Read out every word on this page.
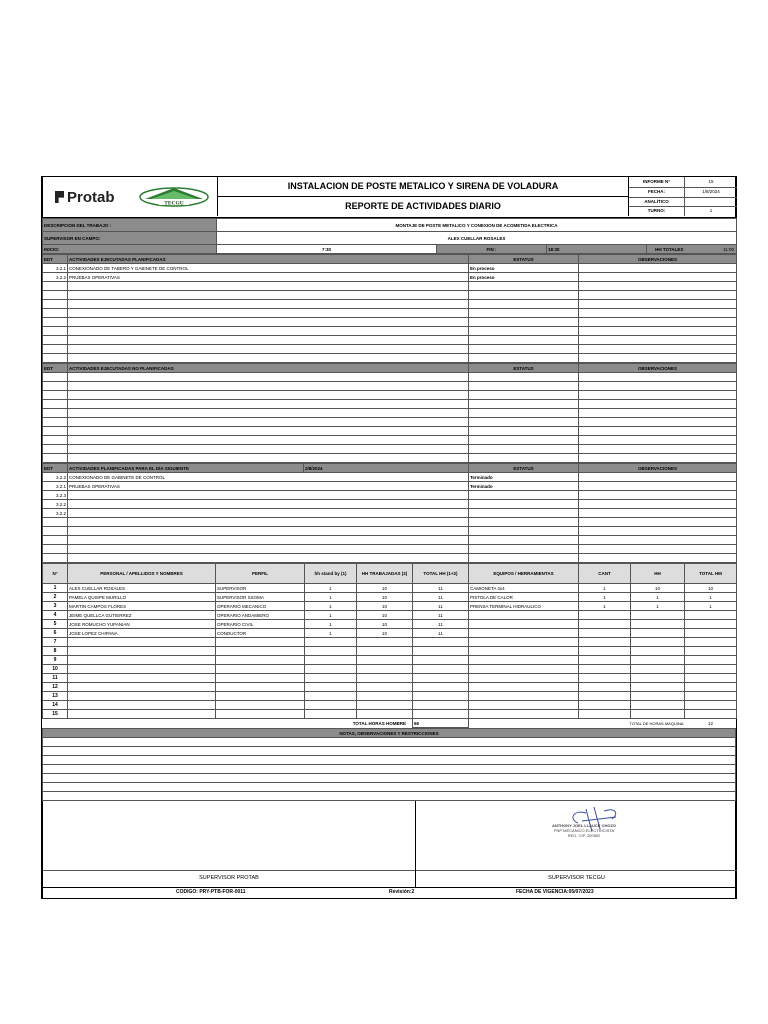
Protab	TECGU
INSTALACION DE POSTE METALICO Y SIRENA DE VOLADURA
REPORTE DE ACTIVIDADES DIARIO
INFORME N°	15
FECHA:	1/8/2024
ANALÍTICO
TURNO:	1
DESCRIPCION DEL TRABAJO :	MONTAJE DE POSTE METALICO Y CONEXION DE ACOMETIDA ELECTRICA			
SUPERVISOR EN CAMPO:	ALEX CUELLAR ROSALES			
INICIO:	7:30	FIN :	18:30	HH TOTALES 11:00
EDT	ACTIVIDADES EJECUTADAS PLANIFICADAS	ESTATUS	OBSERVACIONES
3.2.1	CONEXIONADO DE TABERO Y GABINETE DE CONTROL	En proceso	
3.2.2	PRUEBAS OPERATIVAS	En proceso	

EDT	ACTIVIDADES EJECUTADAS NO PLANIFICADAS	ESTATUS	OBSERVACIONES

EDT	ACTIVIDADES PLANIFICADAS PARA EL DÍA SIGUIENTE	2/8/2024	ESTATUS	OBSERVACIONES
3.2.2	CONEXIONADO DE GABINETE DE CONTROL		Terminado	
3.2.1	PRUEBAS OPERATIVAS		Terminado	
3.2.3				
3.2.2				
3.2.2				

N°	PERSONAL / APELLIDOS Y NOMBRES	PERFIL	hh stand by (1)	HH TRABAJADAS (2)	TOTAL HH (1+2)	EQUIPOS / HERRAMIENTAS	CANT	HH	TOTAL HM
1	ALEX CUELLAR ROSALES	SUPERVISOR	1	10	11	CAMIONETA 4x4	1	10	10
2	PAMELA QUISPE MURILLO	SUPERVISOR SSOMA	1	10	11	PISTOLA DE CALOR	1	1	1
3	MARTIN CAMPOS FLORES	OPERARIO MECANICO	1	10	11	PRENSA TERMINAL HIDRAULICO	1	1	1
4	JEIME QUELLCA GUTIERREZ	OPERARIO ANDAMIERO	1	10	11				
5	JOSE ROMUCHO YUPANIAN	OPERARIO CIVIL	1	10	11				
6	JOSE LOPEZ CHIPANA	CONDUCTOR	1	10	11				
7									
8									
9									
10									
11									
12									
13									
14									
15									
TOTAL HORAS HOMBRE					66	TOTAL DE HORAS MAQUINA			12
NOTAS, OBSERVACIONES Y RESTRICCIONES

SUPERVISOR PROTAB
ANTHONY JOEL LLAUCE CHOZO
PNP MECÁNICO ELECTRICISTA
REG. CIP. 200852
SUPERVISOR TECGU
CODIGO: PRY-PTB-FOR-0011	Revisión:2	FECHA DE VIGENCIA:05/07/2023
